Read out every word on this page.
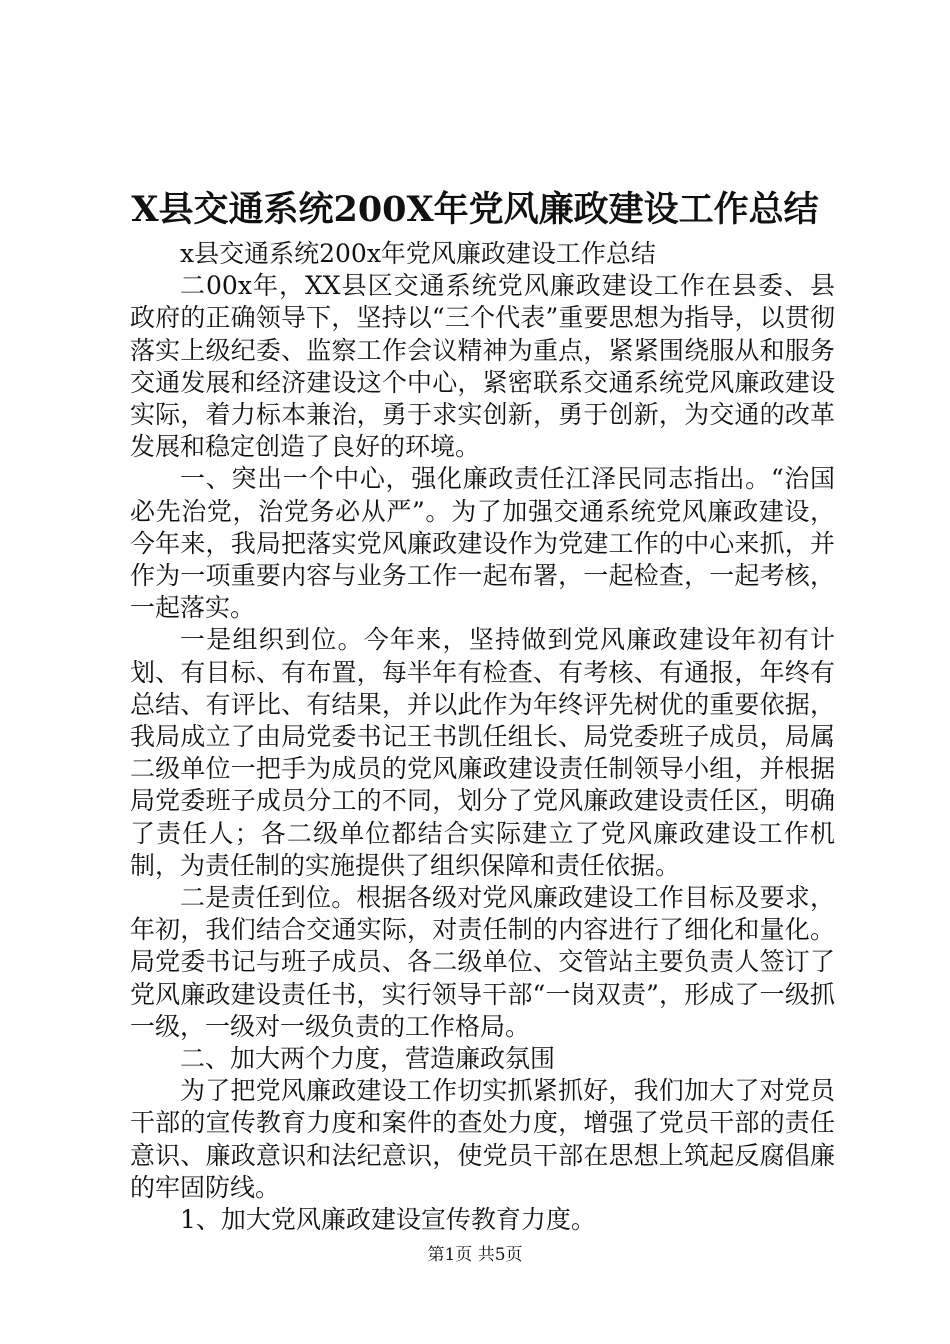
X县交通系统200X年党风廉政建设工作总结

x县交通系统200x年党风廉政建设工作总结

二00x年，XX县区交通系统党风廉政建设工作在县委、县政府的正确领导下，坚持以“三个代表”重要思想为指导，以贯彻落实上级纪委、监察工作会议精神为重点，紧紧围绕服从和服务交通发展和经济建设这个中心，紧密联系交通系统党风廉政建设实际，着力标本兼治，勇于求实创新，勇于创新，为交通的改革发展和稳定创造了良好的环境。

一、突出一个中心，强化廉政责任江泽民同志指出。“治国必先治党，治党务必从严”。为了加强交通系统党风廉政建设，今年来，我局把落实党风廉政建设作为党建工作的中心来抓，并作为一项重要内容与业务工作一起布署，一起检查，一起考核，一起落实。

一是组织到位。今年来，坚持做到党风廉政建设年初有计划、有目标、有布置，每半年有检查、有考核、有通报，年终有总结、有评比、有结果，并以此作为年终评先树优的重要依据，我局成立了由局党委书记王书凯任组长、局党委班子成员，局属二级单位一把手为成员的党风廉政建设责任制领导小组，并根据局党委班子成员分工的不同，划分了党风廉政建设责任区，明确了责任人；各二级单位都结合实际建立了党风廉政建设工作机制，为责任制的实施提供了组织保障和责任依据。

二是责任到位。根据各级对党风廉政建设工作目标及要求，年初，我们结合交通实际，对责任制的内容进行了细化和量化。局党委书记与班子成员、各二级单位、交管站主要负责人签订了党风廉政建设责任书，实行领导干部“一岗双责”，形成了一级抓一级，一级对一级负责的工作格局。

二、加大两个力度，营造廉政氛围

为了把党风廉政建设工作切实抓紧抓好，我们加大了对党员干部的宣传教育力度和案件的查处力度，增强了党员干部的责任意识、廉政意识和法纪意识，使党员干部在思想上筑起反腐倡廉的牢固防线。

1、加大党风廉政建设宣传教育力度。

第1页 共5页
